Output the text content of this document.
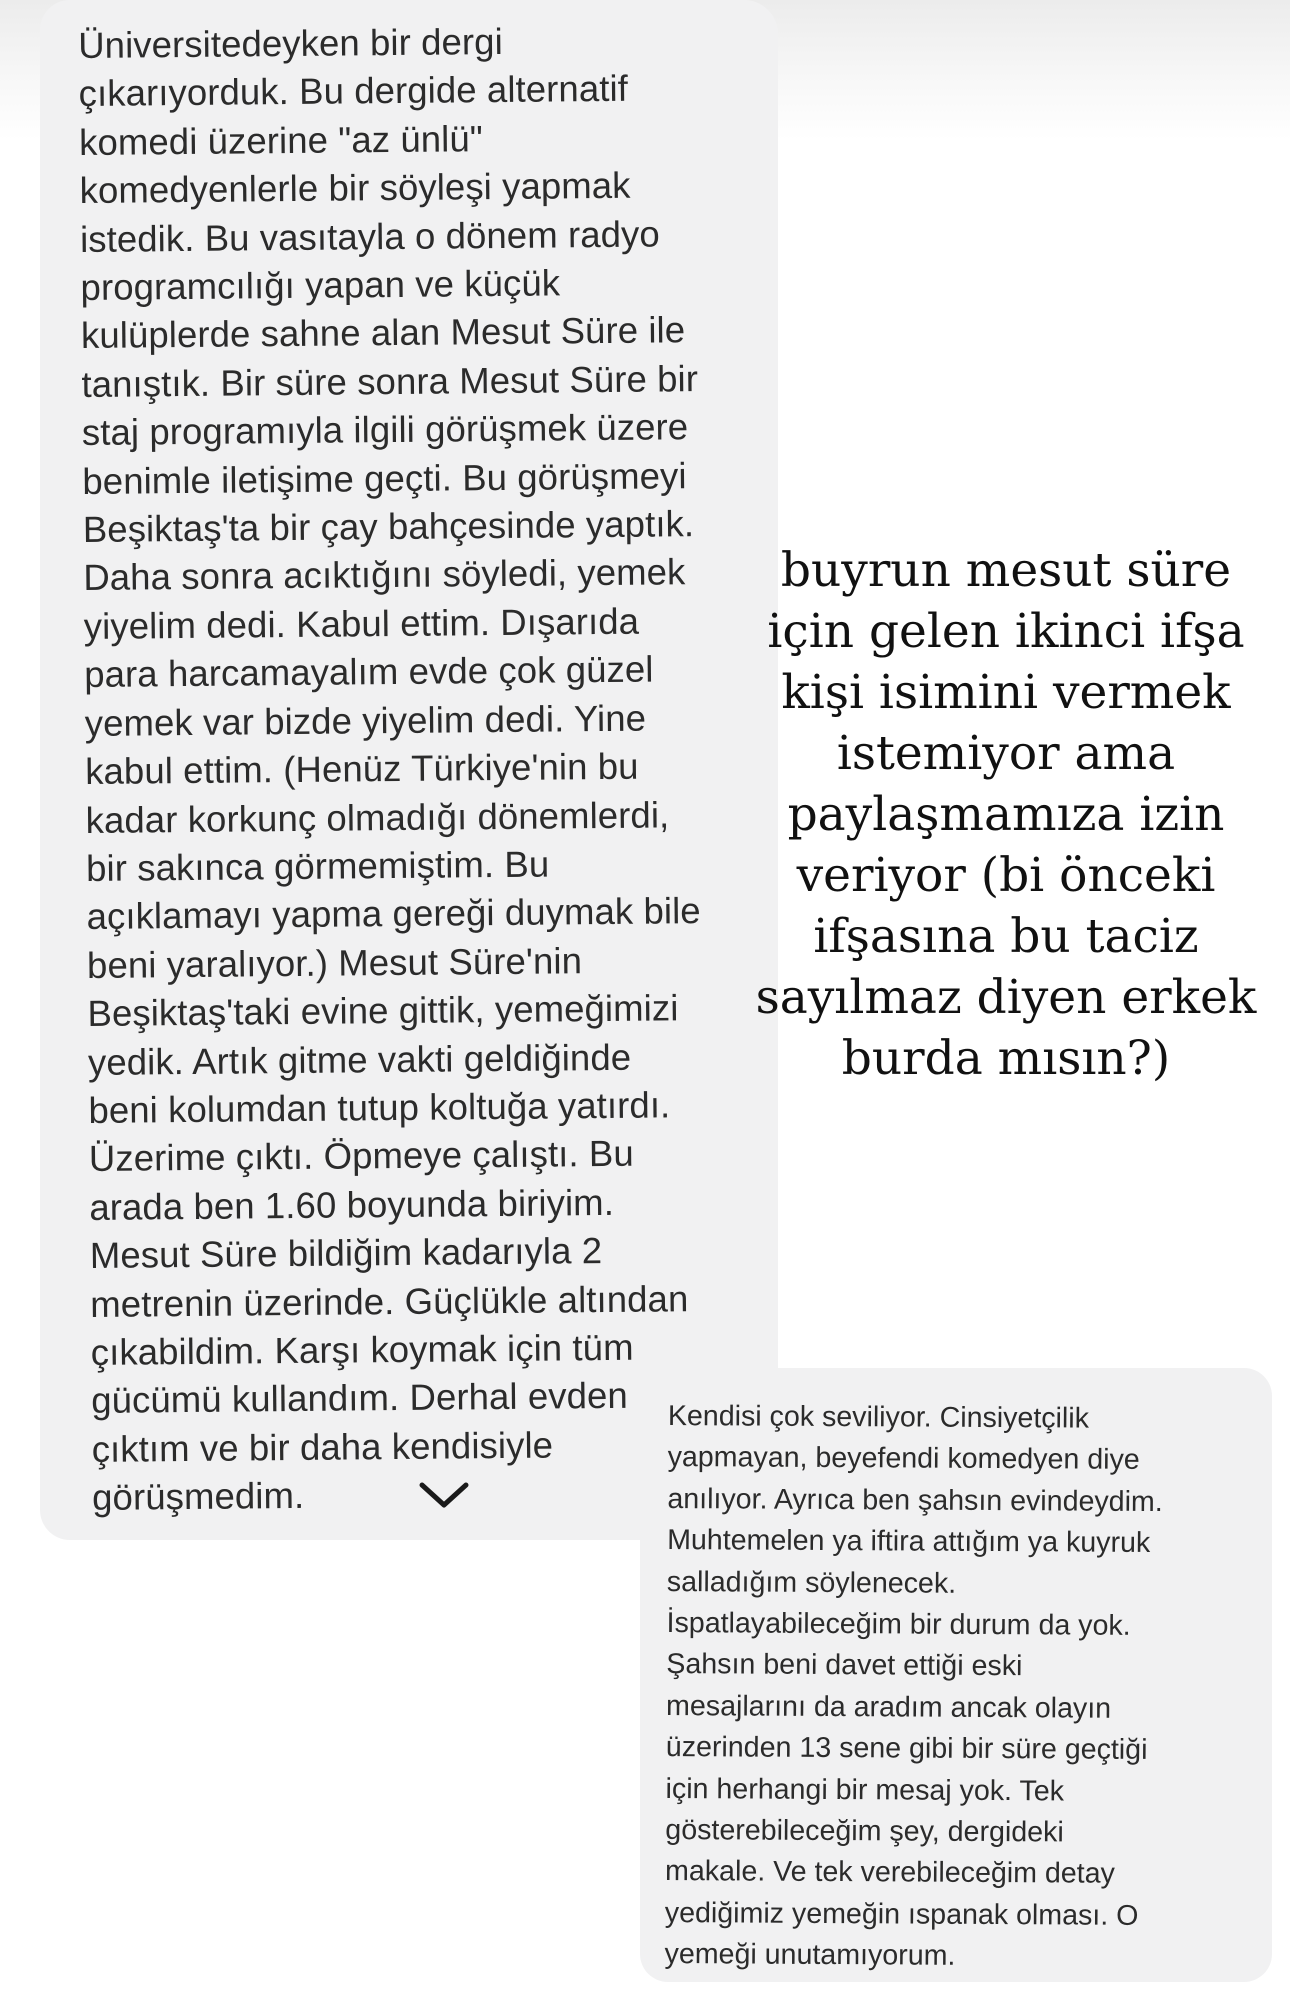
Üniversitedeyken bir dergi
çıkarıyorduk. Bu dergide alternatif
komedi üzerine "az ünlü"
komedyenlerle bir söyleşi yapmak
istedik. Bu vasıtayla o dönem radyo
programcılığı yapan ve küçük
kulüplerde sahne alan Mesut Süre ile
tanıştık. Bir süre sonra Mesut Süre bir
staj programıyla ilgili görüşmek üzere
benimle iletişime geçti. Bu görüşmeyi
Beşiktaş'ta bir çay bahçesinde yaptık.
Daha sonra acıktığını söyledi, yemek
yiyelim dedi. Kabul ettim. Dışarıda
para harcamayalım evde çok güzel
yemek var bizde yiyelim dedi. Yine
kabul ettim. (Henüz Türkiye'nin bu
kadar korkunç olmadığı dönemlerdi,
bir sakınca görmemiştim. Bu
açıklamayı yapma gereği duymak bile
beni yaralıyor.) Mesut Süre'nin
Beşiktaş'taki evine gittik, yemeğimizi
yedik. Artık gitme vakti geldiğinde
beni kolumdan tutup koltuğa yatırdı.
Üzerime çıktı. Öpmeye çalıştı. Bu
arada ben 1.60 boyunda biriyim.
Mesut Süre bildiğim kadarıyla 2
metrenin üzerinde. Güçlükle altından
çıkabildim. Karşı koymak için tüm
gücümü kullandım. Derhal evden
çıktım ve bir daha kendisiyle
görüşmedim.

Kendisi çok seviliyor. Cinsiyetçilik
yapmayan, beyefendi komedyen diye
anılıyor. Ayrıca ben şahsın evindeydim.
Muhtemelen ya iftira attığım ya kuyruk
salladığım söylenecek.
İspatlayabileceğim bir durum da yok.
Şahsın beni davet ettiği eski
mesajlarını da aradım ancak olayın
üzerinden 13 sene gibi bir süre geçtiği
için herhangi bir mesaj yok. Tek
gösterebileceğim şey, dergideki
makale. Ve tek verebileceğim detay
yediğimiz yemeğin ıspanak olması. O
yemeği unutamıyorum.

buyrun mesut süre
için gelen ikinci ifşa
kişi isimini vermek
istemiyor ama
paylaşmamıza izin
veriyor (bi önceki
ifşasına bu taciz
sayılmaz diyen erkek
burda mısın?)
